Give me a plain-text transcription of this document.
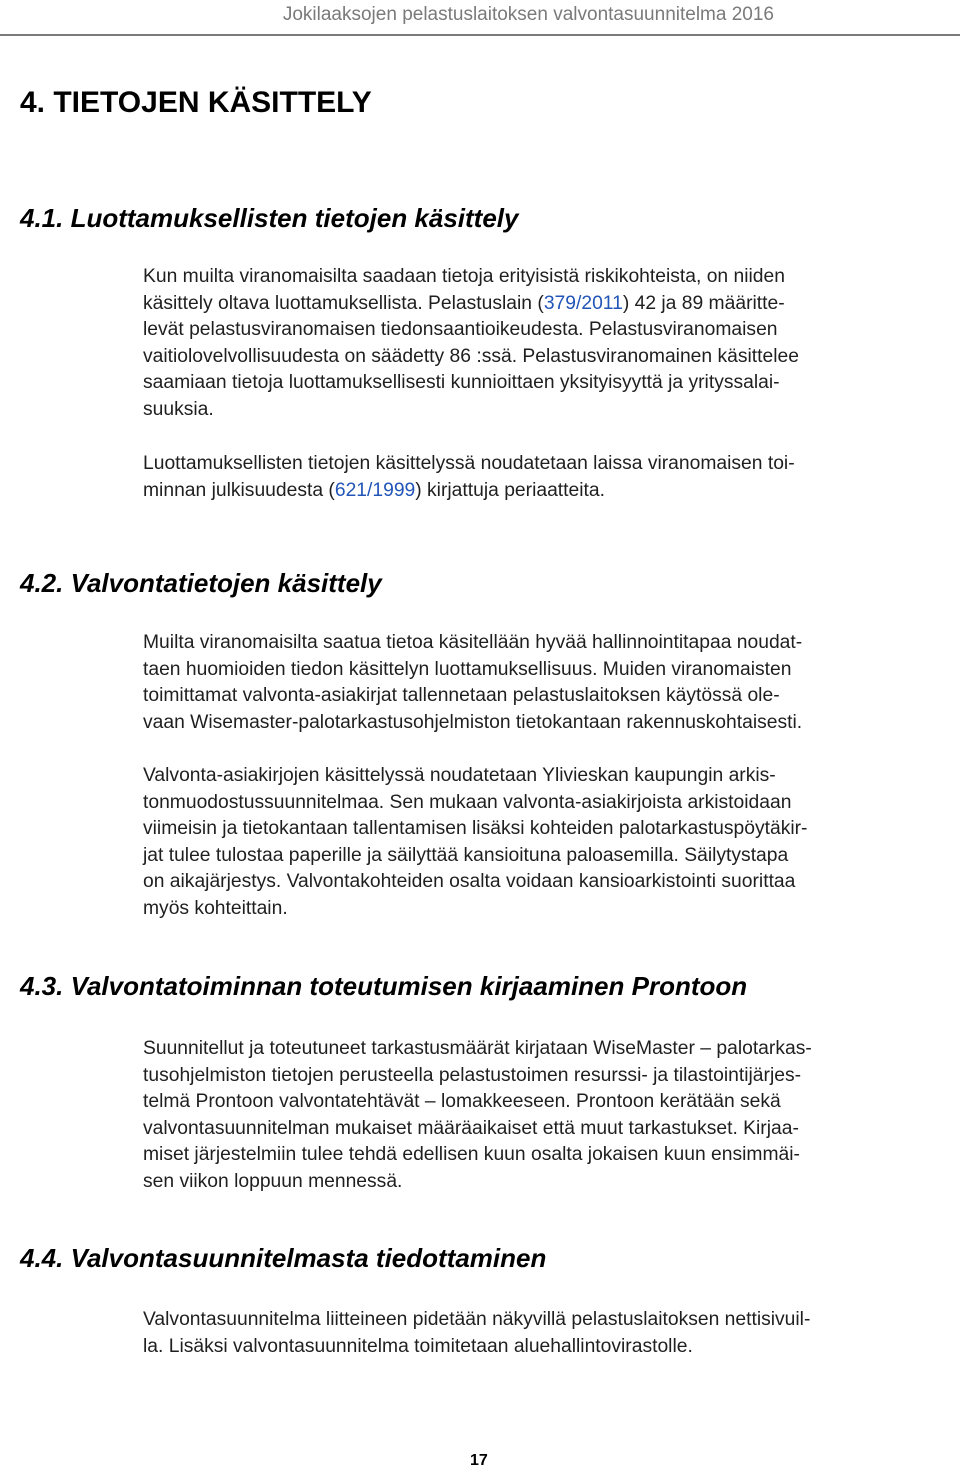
Jokilaaksojen pelastuslaitoksen valvontasuunnitelma 2016
4. TIETOJEN KÄSITTELY
4.1. Luottamuksellisten tietojen käsittely
Kun muilta viranomaisilta saadaan tietoja erityisistä riskikohteista, on niiden
käsittely oltava luottamuksellista. Pelastuslain (379/2011) 42 ja 89 määritte-
levät pelastusviranomaisen tiedonsaantioikeudesta. Pelastusviranomaisen
vaitiolovelvollisuudesta on säädetty 86 :ssä. Pelastusviranomainen käsittelee
saamiaan tietoja luottamuksellisesti kunnioittaen yksityisyyttä ja yrityssalai-
suuksia.
Luottamuksellisten tietojen käsittelyssä noudatetaan laissa viranomaisen toi-
minnan julkisuudesta (621/1999) kirjattuja periaatteita.
4.2. Valvontatietojen käsittely
Muilta viranomaisilta saatua tietoa käsitellään hyvää hallinnointitapaa noudat-
taen huomioiden tiedon käsittelyn luottamuksellisuus. Muiden viranomaisten
toimittamat valvonta-asiakirjat tallennetaan pelastuslaitoksen käytössä ole-
vaan Wisemaster-palotarkastusohjelmiston tietokantaan rakennuskohtaisesti.
Valvonta-asiakirjojen käsittelyssä noudatetaan Ylivieskan kaupungin arkis-
tonmuodostussuunnitelmaa. Sen mukaan valvonta-asiakirjoista arkistoidaan
viimeisin ja tietokantaan tallentamisen lisäksi kohteiden palotarkastuspöytäkir-
jat tulee tulostaa paperille ja säilyttää kansioituna paloasemilla. Säilytystapa
on aikajärjestys. Valvontakohteiden osalta voidaan kansioarkistointi suorittaa
myös kohteittain.
4.3. Valvontatoiminnan toteutumisen kirjaaminen Prontoon
Suunnitellut ja toteutuneet tarkastusmäärät kirjataan WiseMaster – palotarkas-
tusohjelmiston tietojen perusteella pelastustoimen resurssi- ja tilastointijärjes-
telmä Prontoon valvontatehtävät – lomakkeeseen. Prontoon kerätään sekä
valvontasuunnitelman mukaiset määräaikaiset että muut tarkastukset. Kirjaa-
miset järjestelmiin tulee tehdä edellisen kuun osalta jokaisen kuun ensimmäi-
sen viikon loppuun mennessä.
4.4. Valvontasuunnitelmasta tiedottaminen
Valvontasuunnitelma liitteineen pidetään näkyvillä pelastuslaitoksen nettisivuil-
la. Lisäksi valvontasuunnitelma toimitetaan aluehallintovirastolle.
17
